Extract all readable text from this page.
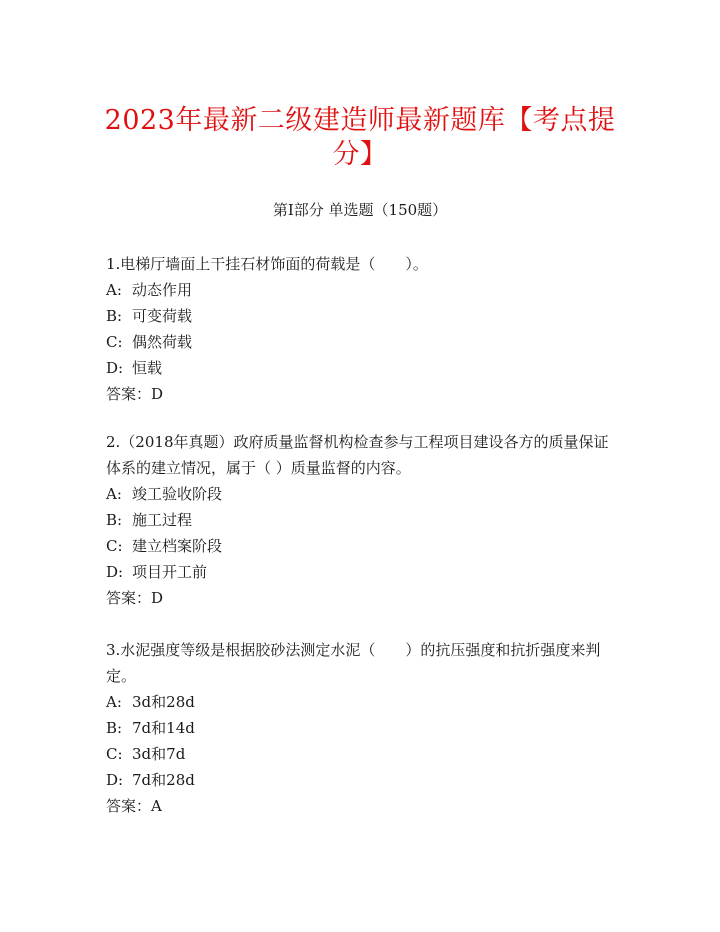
2023年最新二级建造师最新题库【考点提分】
第I部分 单选题（150题）

1.电梯厅墙面上干挂石材饰面的荷载是（　　）。

A: 动态作用
B: 可变荷载
C: 偶然荷载
D: 恒载
答案：D

2.（2018年真题）政府质量监督机构检查参与工程项目建设各方的质量保证体系的建立情况，属于（ ）质量监督的内容。

A: 竣工验收阶段
B: 施工过程
C: 建立档案阶段
D: 项目开工前
答案：D

3.水泥强度等级是根据胶砂法测定水泥（　　）的抗压强度和抗折强度来判定。

A: 3d和28d
B: 7d和14d
C: 3d和7d
D: 7d和28d
答案：A
